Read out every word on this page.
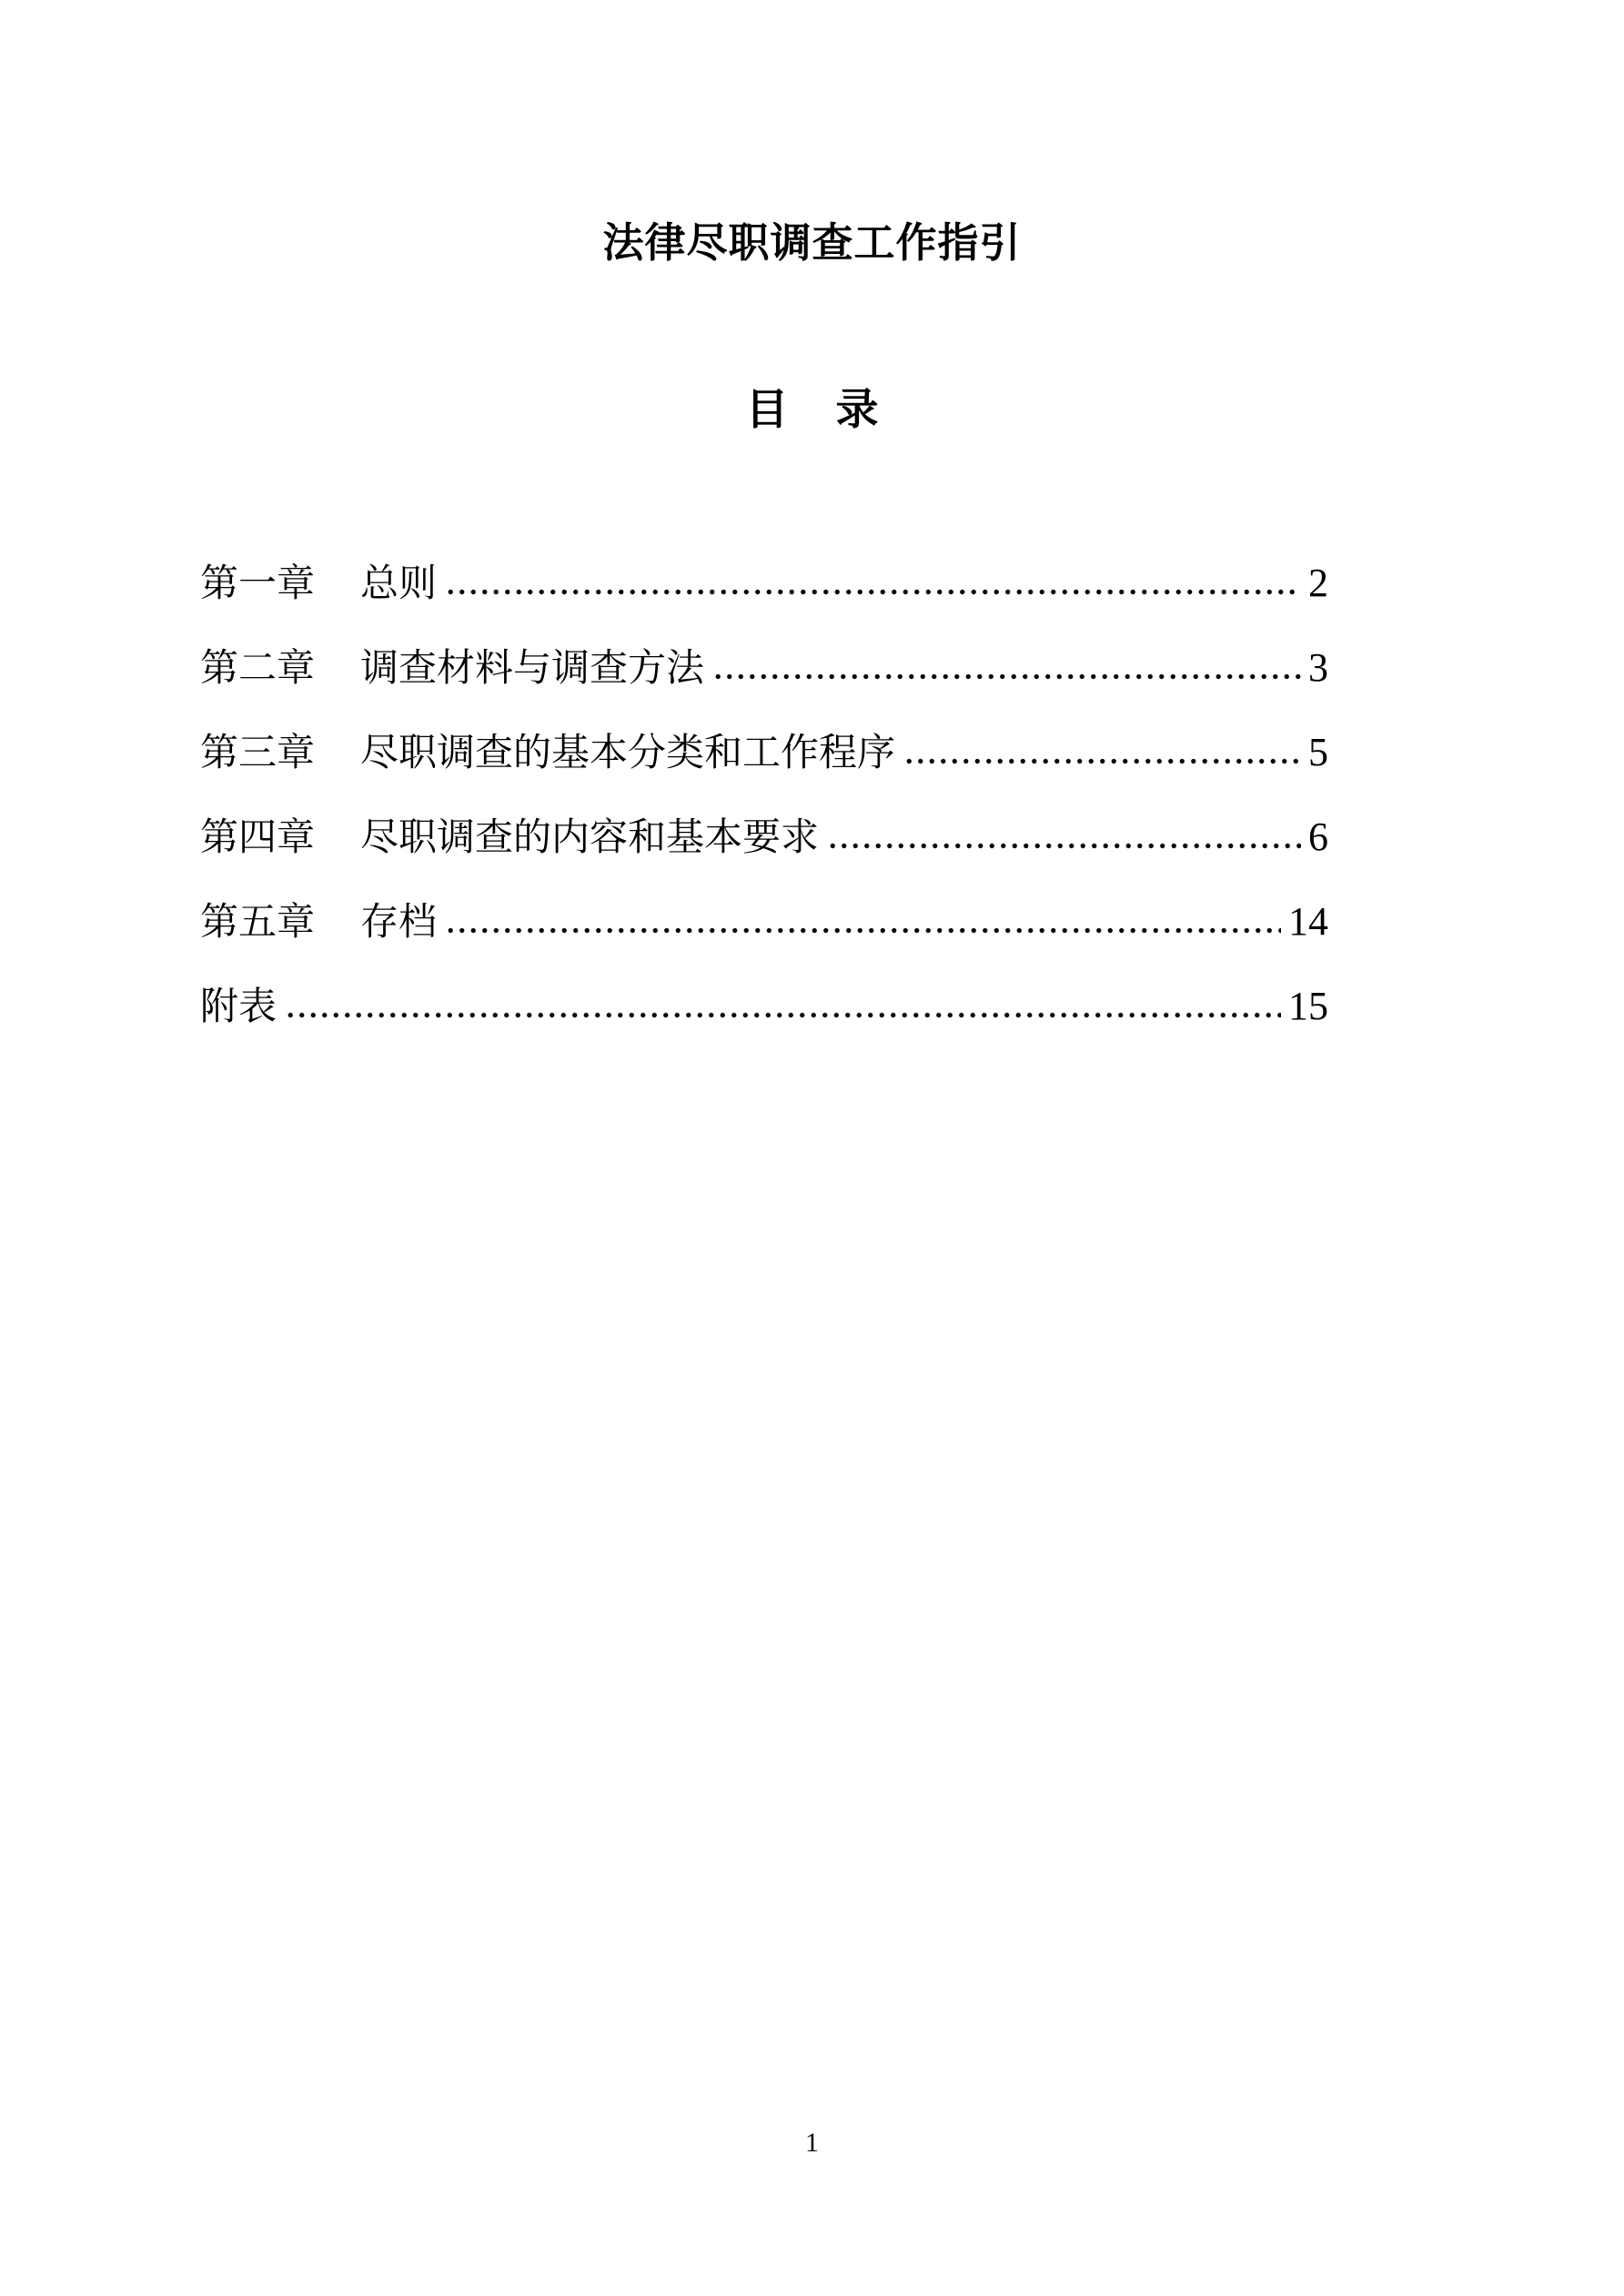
法律尽职调查工作指引
目 录
第一章 总则	2
第二章 调查材料与调查方法	3
第三章 尽职调查的基本分类和工作程序	5
第四章 尽职调查的内容和基本要求	6
第五章 存档	14
附表	15
1
